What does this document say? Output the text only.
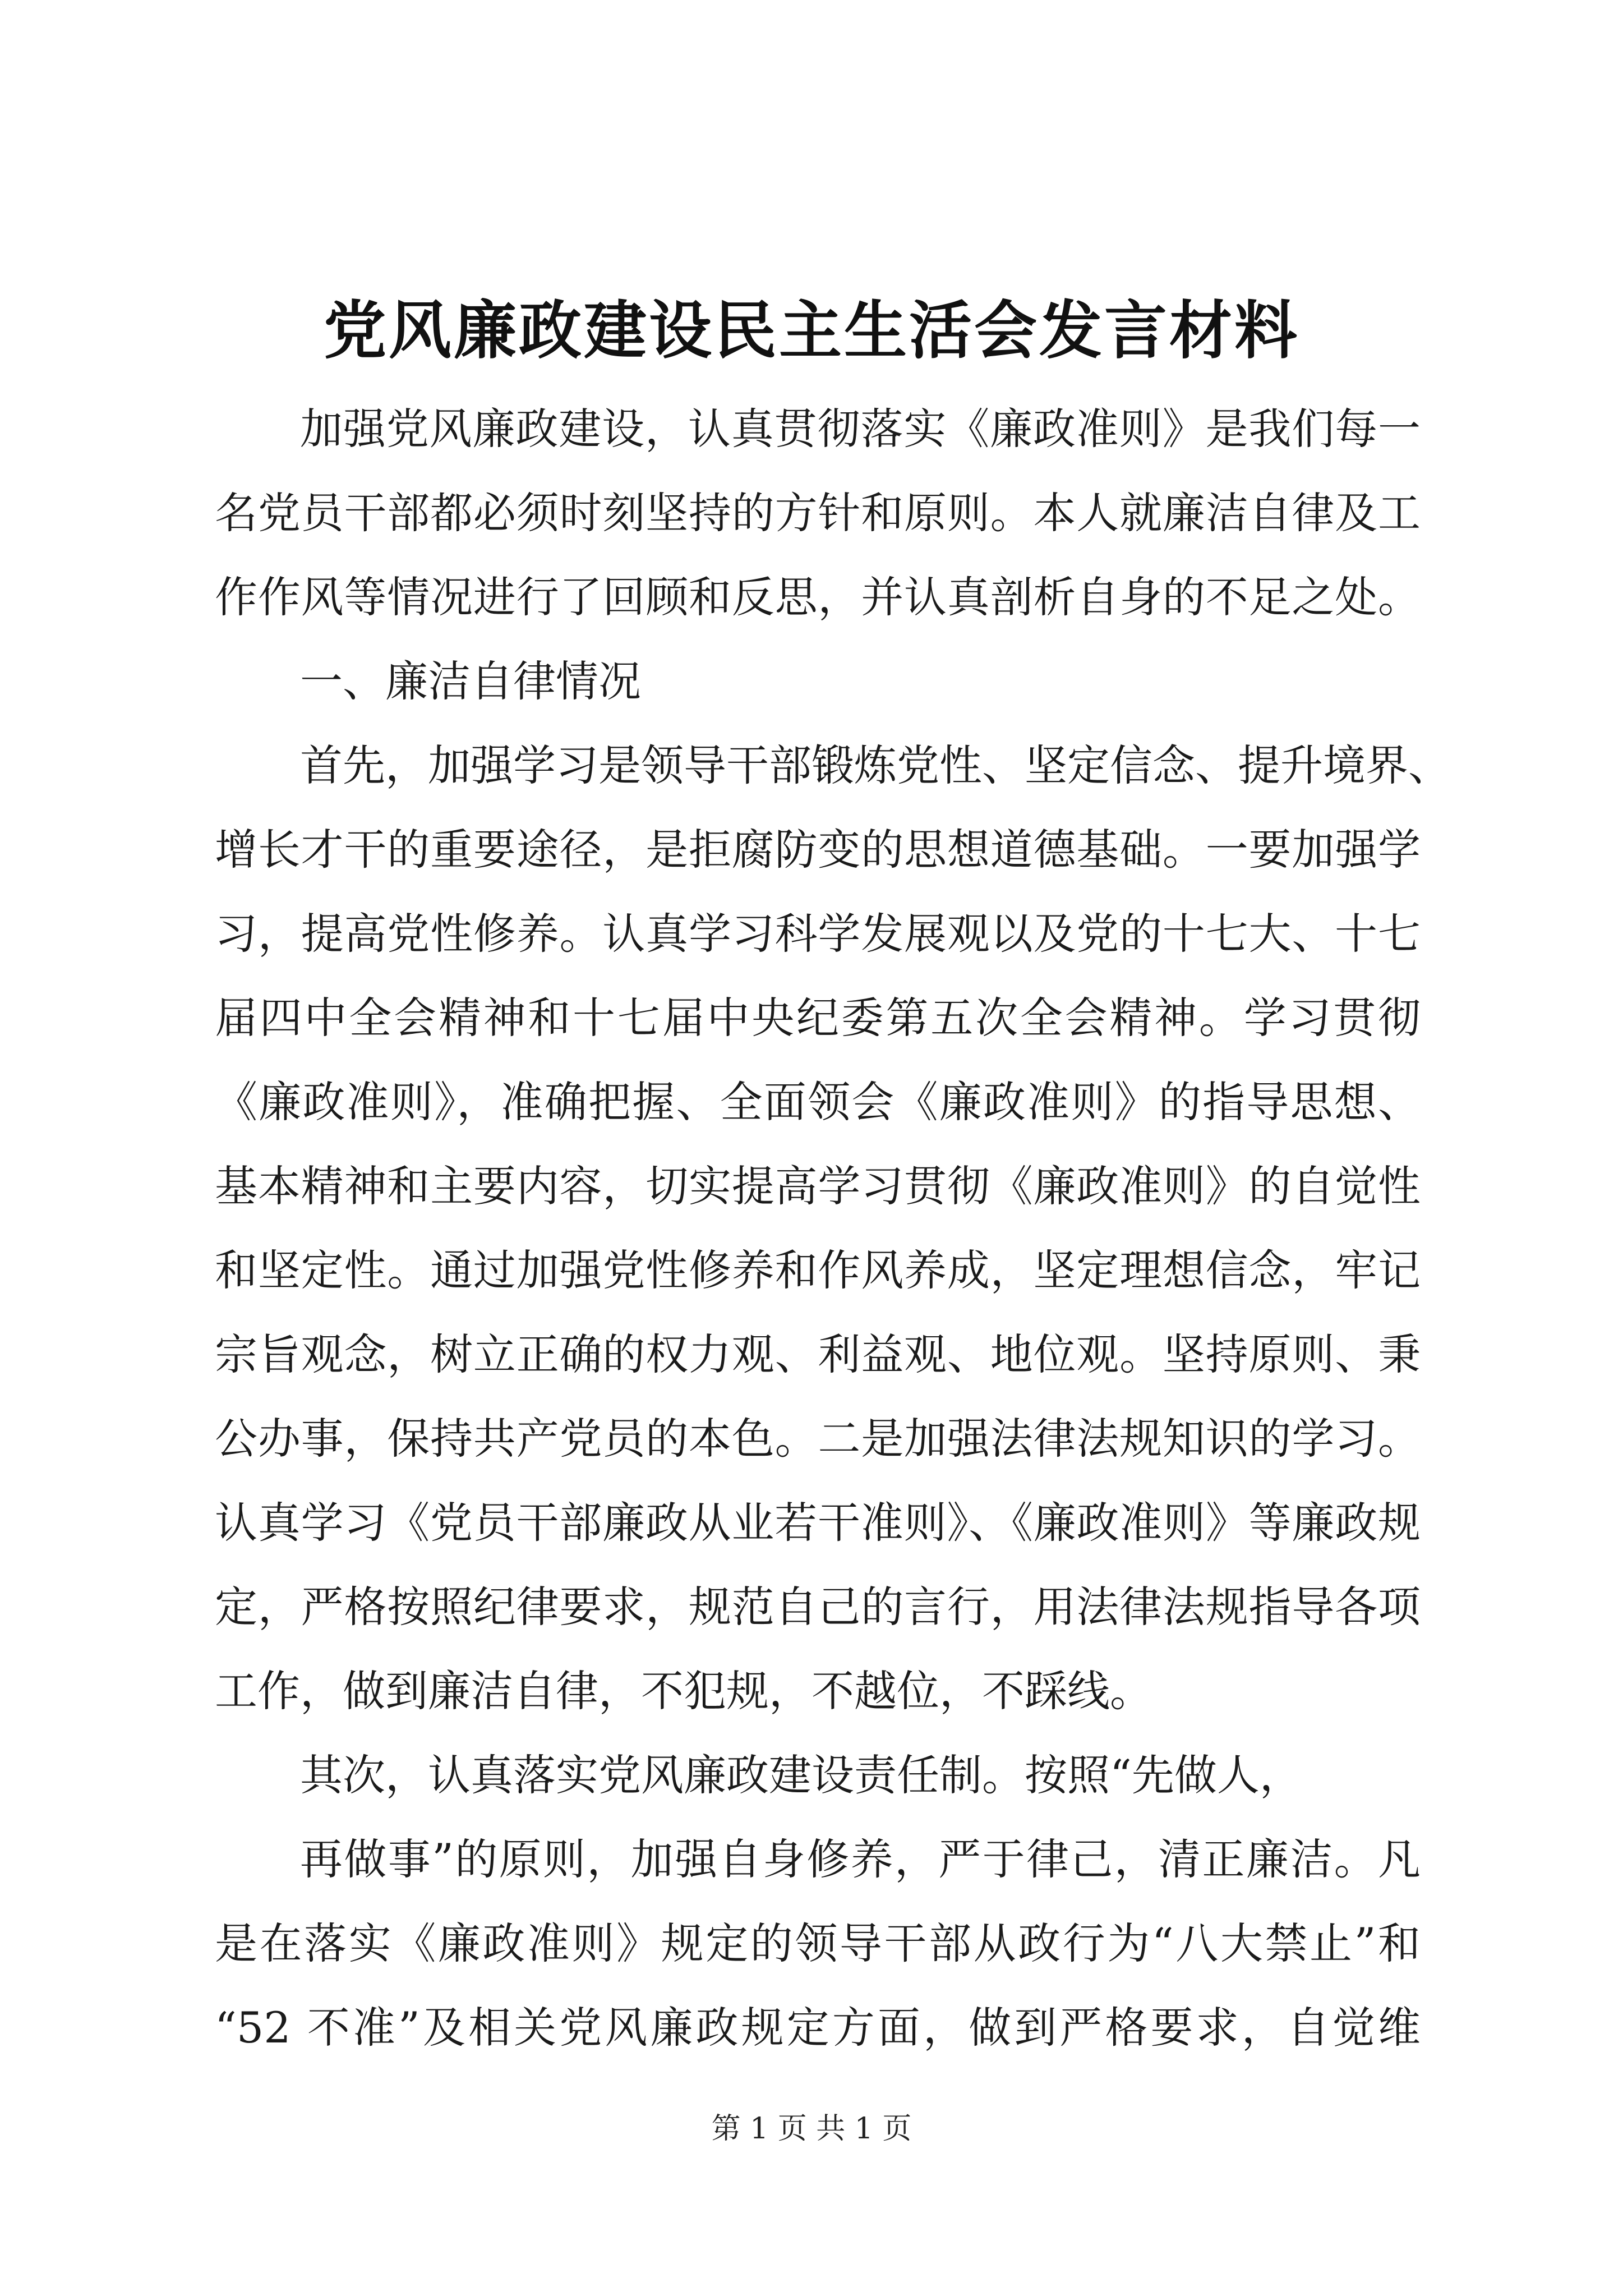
党风廉政建设民主生活会发言材料
加强党风廉政建设，认真贯彻落实《廉政准则》是我们每一
名党员干部都必须时刻坚持的方针和原则。本人就廉洁自律及工
作作风等情况进行了回顾和反思，并认真剖析自身的不足之处。
一、廉洁自律情况
首先，加强学习是领导干部锻炼党性、坚定信念、提升境界、
增长才干的重要途径，是拒腐防变的思想道德基础。一要加强学
习，提高党性修养。认真学习科学发展观以及党的十七大、十七
届四中全会精神和十七届中央纪委第五次全会精神。学习贯彻
《廉政准则》，准确把握、全面领会《廉政准则》的指导思想、
基本精神和主要内容，切实提高学习贯彻《廉政准则》的自觉性
和坚定性。通过加强党性修养和作风养成，坚定理想信念，牢记
宗旨观念，树立正确的权力观、利益观、地位观。坚持原则、秉
公办事，保持共产党员的本色。二是加强法律法规知识的学习。
认真学习《党员干部廉政从业若干准则》、《廉政准则》等廉政规
定，严格按照纪律要求，规范自己的言行，用法律法规指导各项
工作，做到廉洁自律，不犯规，不越位，不踩线。
其次，认真落实党风廉政建设责任制。按照“先做人，
再做事”的原则，加强自身修养，严于律己，清正廉洁。凡
是在落实《廉政准则》规定的领导干部从政行为“八大禁止”和
“52 不准”及相关党风廉政规定方面，做到严格要求，自觉维
第 1 页 共 1 页
